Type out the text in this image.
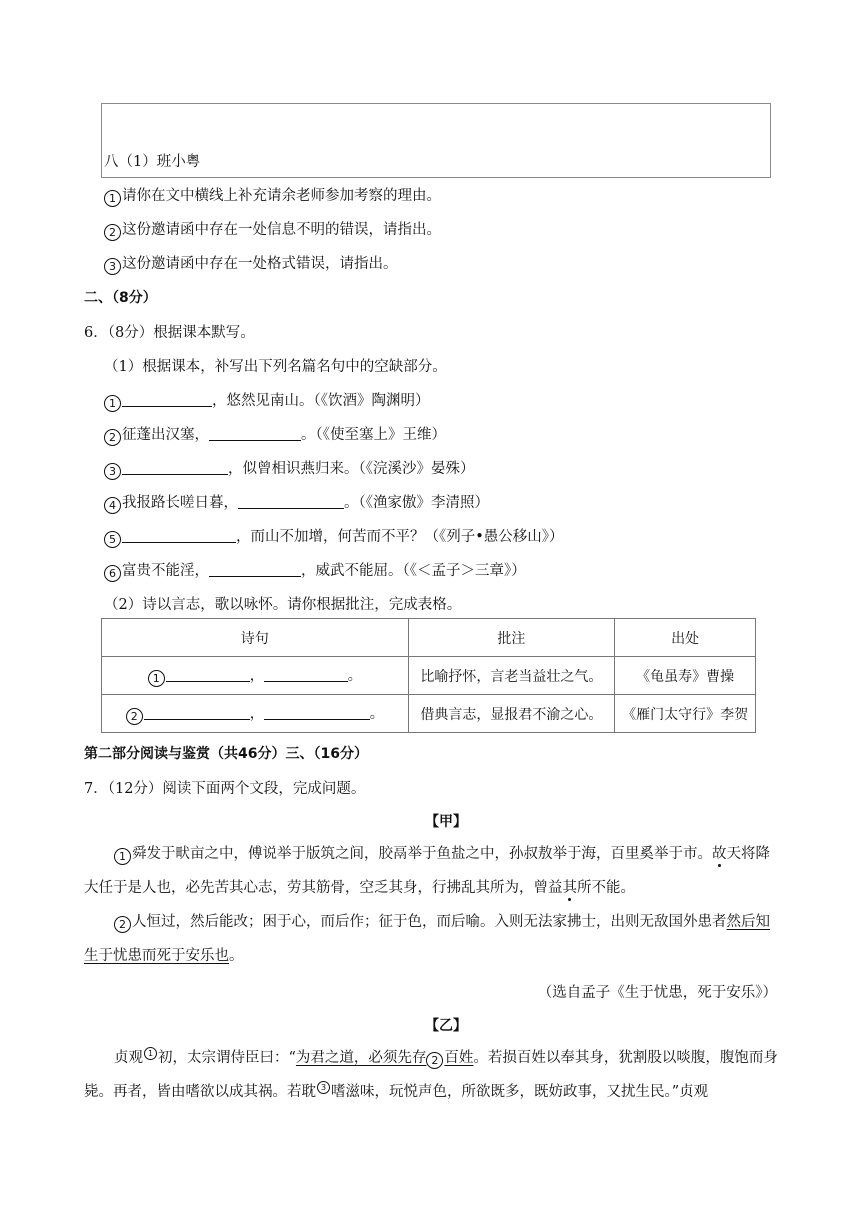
八（1）班小粤
1 请你在文中横线上补充请余老师参加考察的理由。
2 这份邀请函中存在一处信息不明的错误，请指出。
3 这份邀请函中存在一处格式错误，请指出。
二、（8分）
6．（8分）根据课本默写。
（1）根据课本，补写出下列名篇名句中的空缺部分。
1	，悠然见南山。（《饮酒》陶渊明）
2 征蓬出汉塞，	。（《使至塞上》王维）
3	，似曾相识燕归来。（《浣溪沙》晏殊）
4 我报路长嗟日暮，	。（《渔家傲》李清照）
5	，而山不加增，何苦而不平？（《列子•愚公移山》）
6 富贵不能淫，	，威武不能屈。（《＜孟子＞三章》）
（2）诗以言志，歌以咏怀。请你根据批注，完成表格。
诗句	批注	出处
1 ， 。	比喻抒怀，言老当益壮之气。	《龟虽寿》曹操
2 ， 。	借典言志，显报君不渝之心。	《雁门太守行》李贺
第二部分阅读与鉴赏（共46分）三、（16分）
7．（12分）阅读下面两个文段，完成问题。
【甲】
1 舜发于畎亩之中，傅说举于版筑之间，胶鬲举于鱼盐之中，孙叔敖举于海，百里奚举于市。故天将降大任于是人也，必先苦其心志，劳其筋骨，空乏其身，行拂乱其所为，曾益其所不能。
2 人恒过，然后能改；困于心，而后作；征于色，而后喻。入则无法家拂士，出则无敌国外患者然后知生于忧患而死于安乐也。
（选自孟子《生于忧患，死于安乐》）
【乙】
贞观 1 初，太宗谓侍臣曰：“为君之道，必须先存 2 百姓。若损百姓以奉其身，犹割股以啖腹，腹饱而身毙。再者，皆由嗜欲以成其祸。若耽 3 嗜滋味，玩悦声色，所欲既多，既妨政事，又扰生民。”贞观
